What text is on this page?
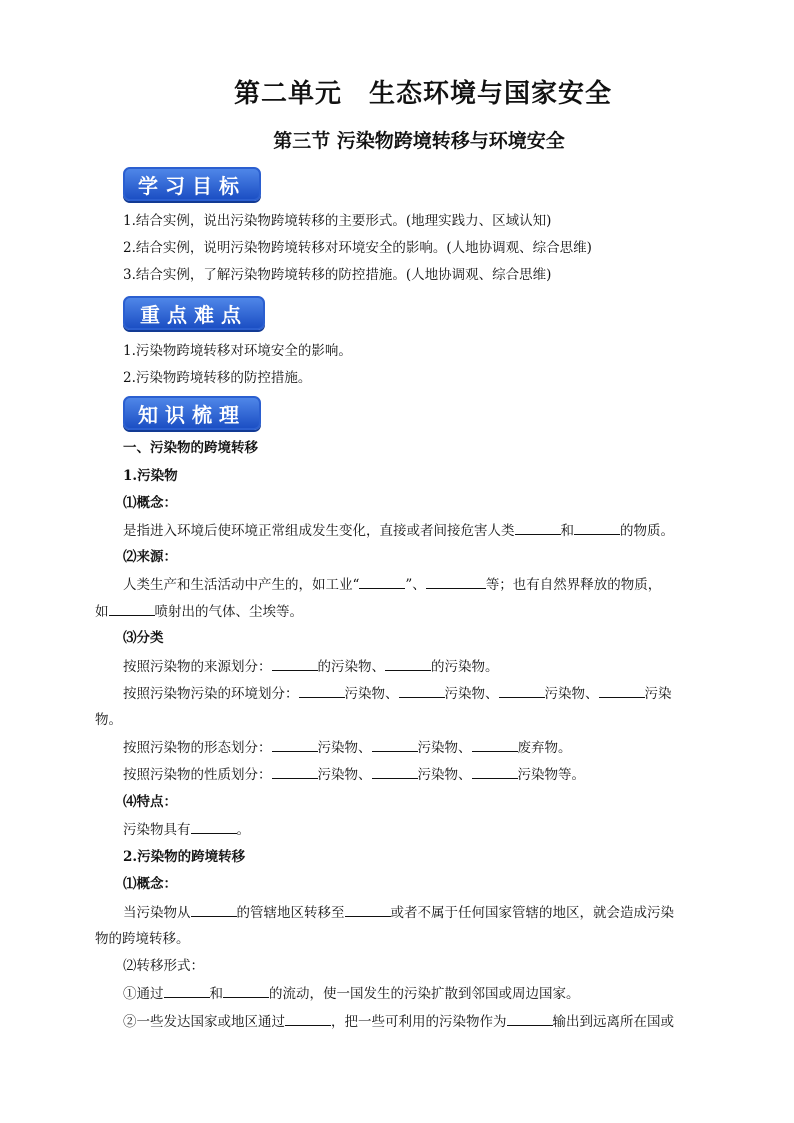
第二单元　生态环境与国家安全
第三节 污染物跨境转移与环境安全
学习目标
1.结合实例，说出污染物跨境转移的主要形式。(地理实践力、区域认知)
2.结合实例，说明污染物跨境转移对环境安全的影响。(人地协调观、综合思维)
3.结合实例，了解污染物跨境转移的防控措施。(人地协调观、综合思维)
重点难点
1.污染物跨境转移对环境安全的影响。
2.污染物跨境转移的防控措施。
知识梳理
一、污染物的跨境转移
1.污染物
⑴概念：
是指进入环境后使环境正常组成发生变化，直接或者间接危害人类	和	的物质。
⑵来源：
人类生产和生活活动中产生的，如工业“	”、	等；也有自然界释放的物质，
如	喷射出的气体、尘埃等。
⑶分类
按照污染物的来源划分：	的污染物、	的污染物。
按照污染物污染的环境划分：	污染物、	污染物、	污染物、	污染
物。
按照污染物的形态划分：	污染物、	污染物、	废弃物。
按照污染物的性质划分：	污染物、	污染物、	污染物等。
⑷特点：
污染物具有	。
2.污染物的跨境转移
⑴概念：
当污染物从	的管辖地区转移至	或者不属于任何国家管辖的地区，就会造成污染
物的跨境转移。
⑵转移形式：
①通过	和	的流动，使一国发生的污染扩散到邻国或周边国家。
②一些发达国家或地区通过	，把一些可利用的污染物作为	输出到远离所在国或
